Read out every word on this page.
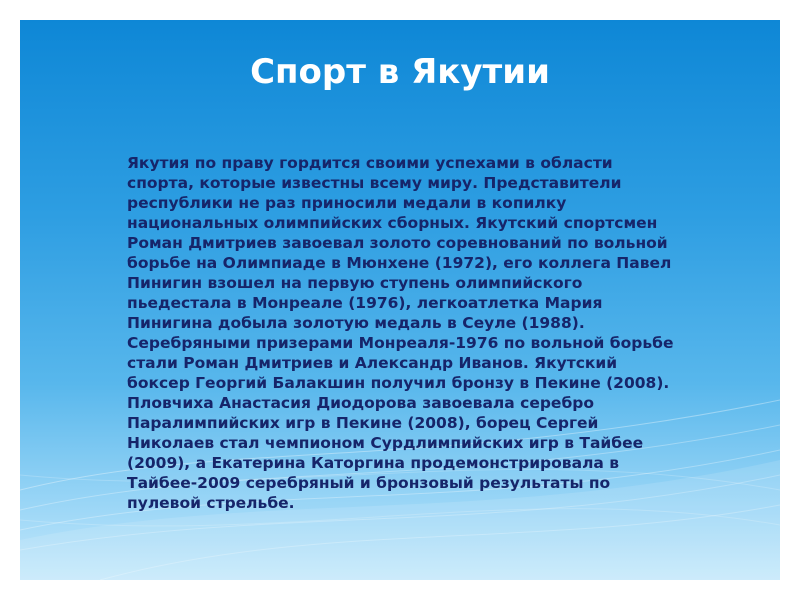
Спорт в Якутии
Якутия по праву гордится своими успехами в области спорта, которые известны всему миру. Представители республики не раз приносили медали в копилку национальных олимпийских сборных. Якутский спортсмен Роман Дмитриев завоевал золото соревнований по вольной борьбе на Олимпиаде в Мюнхене (1972), его коллега Павел Пинигин взошел на первую ступень олимпийского пьедестала в Монреале (1976), легкоатлетка Мария Пинигина добыла золотую медаль в Сеуле (1988). Серебряными призерами Монреаля-1976 по вольной борьбе стали Роман Дмитриев и Александр Иванов. Якутский боксер Георгий Балакшин получил бронзу в Пекине (2008). Пловчиха Анастасия Диодорова завоевала серебро Паралимпийских игр в Пекине (2008), борец Сергей Николаев стал чемпионом Сурдлимпийских игр в Тайбее (2009), а Екатерина Каторгина продемонстрировала в Тайбее-2009 серебряный и бронзовый результаты по пулевой стрельбе.
